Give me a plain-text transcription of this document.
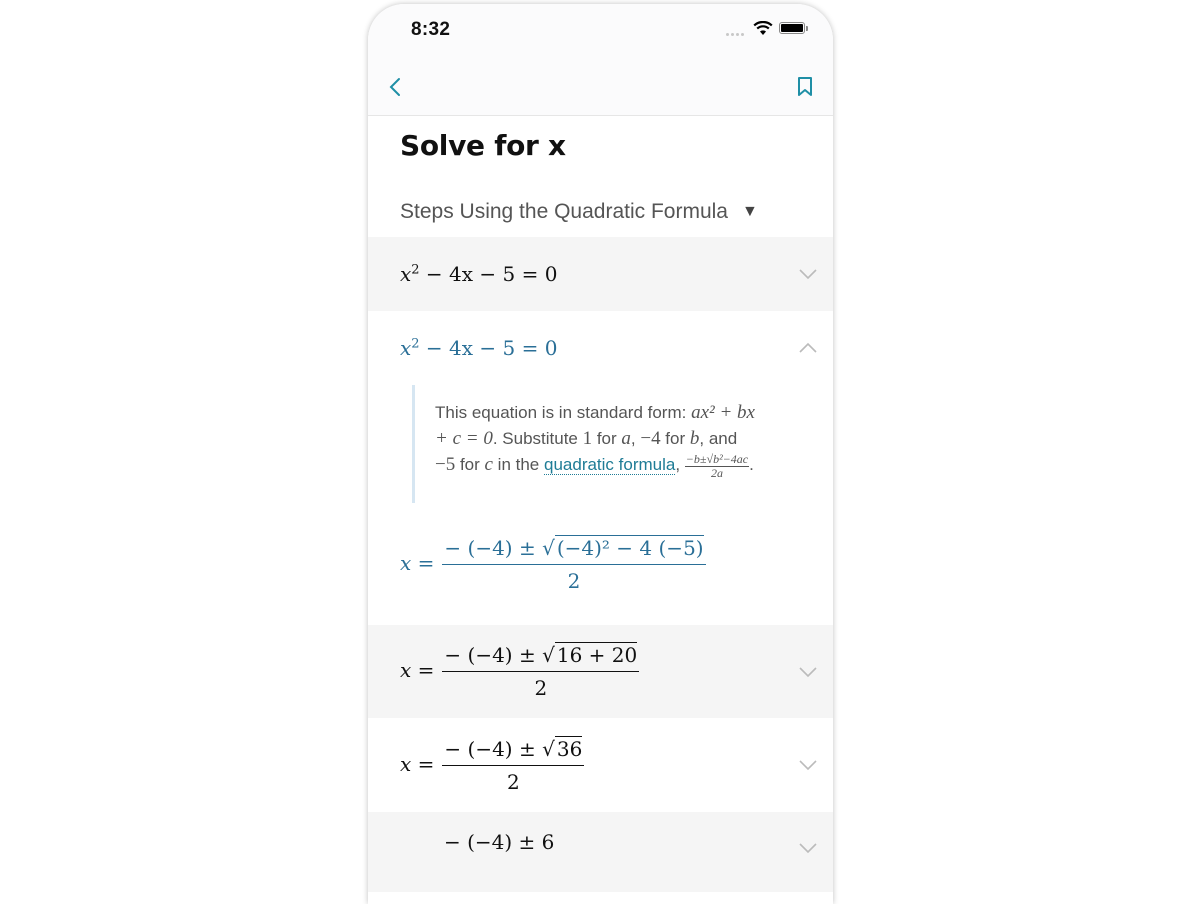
8:32
Solve for x
Steps Using the Quadratic Formula ▼
$x^2 - 4x - 5 = 0$
$x^2 - 4x - 5 = 0$
This equation is in standard form: ax² + bx + c = 0. Substitute 1 for a, −4 for b, and −5 for c in the quadratic formula, $\frac{\text{−b±√b²−4ac}}{2a}$ .
$x = \frac{\text{− (−4) ± √ (−4)² − 4 (−5)}}{2}$
$x = \frac{- (-4) \pm √ 16 + 20}{2}$
$x = \frac{- (-4) \pm √ 36}{2}$
− (−4) ± 6
